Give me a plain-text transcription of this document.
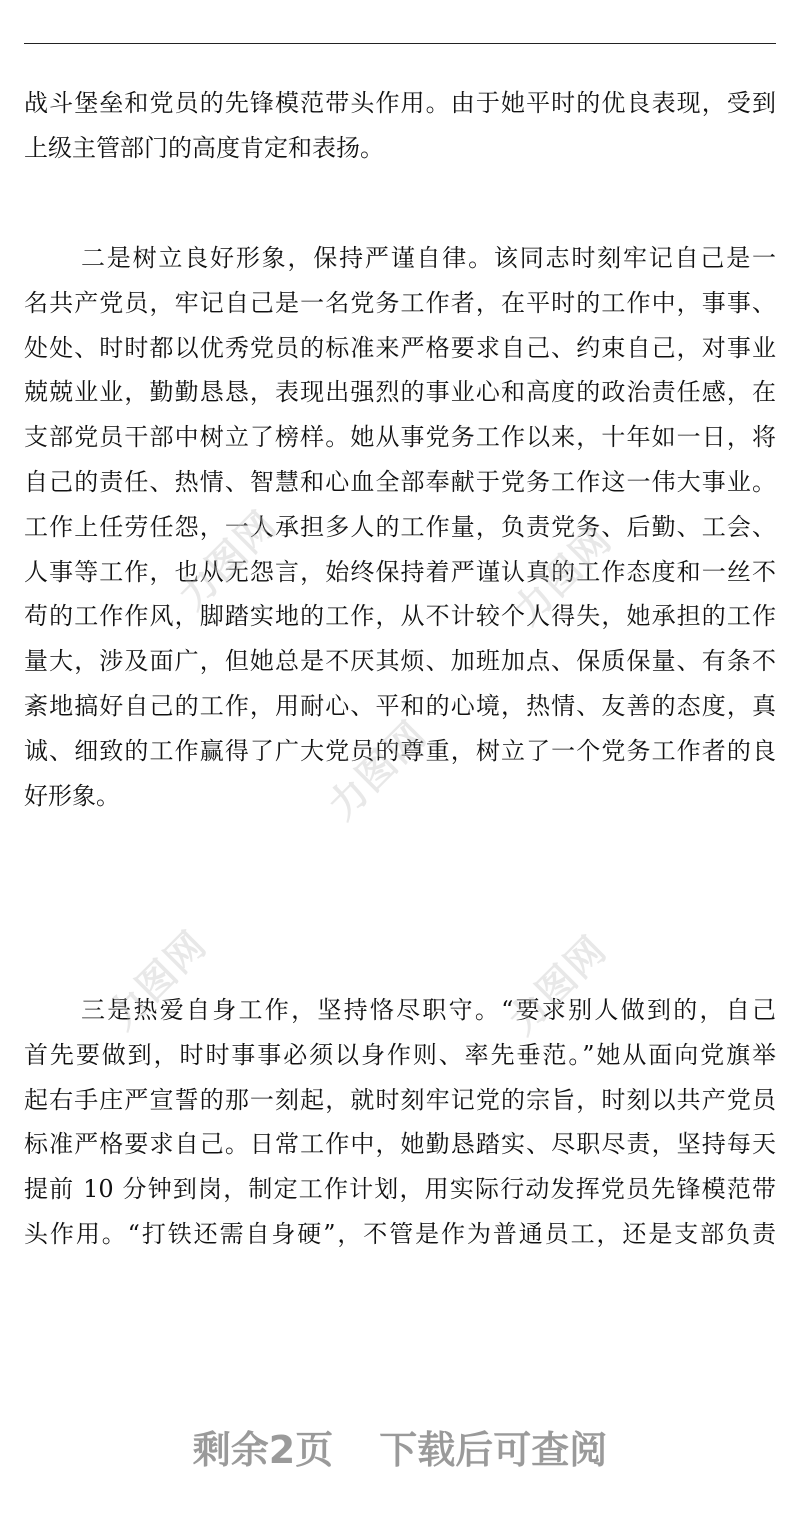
战斗堡垒和党员的先锋模范带头作用。由于她平时的优良表现，受到
上级主管部门的高度肯定和表扬。
二是树立良好形象，保持严谨自律。该同志时刻牢记自己是一
名共产党员，牢记自己是一名党务工作者，在平时的工作中，事事、
处处、时时都以优秀党员的标准来严格要求自己、约束自己，对事业
兢兢业业，勤勤恳恳，表现出强烈的事业心和高度的政治责任感，在
支部党员干部中树立了榜样。她从事党务工作以来，十年如一日，将
自己的责任、热情、智慧和心血全部奉献于党务工作这一伟大事业。
工作上任劳任怨，一人承担多人的工作量，负责党务、后勤、工会、
人事等工作，也从无怨言，始终保持着严谨认真的工作态度和一丝不
苟的工作作风，脚踏实地的工作，从不计较个人得失，她承担的工作
量大，涉及面广，但她总是不厌其烦、加班加点、保质保量、有条不
紊地搞好自己的工作，用耐心、平和的心境，热情、友善的态度，真
诚、细致的工作赢得了广大党员的尊重，树立了一个党务工作者的良
好形象。
三是热爱自身工作，坚持恪尽职守。“要求别人做到的，自己
首先要做到，时时事事必须以身作则、率先垂范。”她从面向党旗举
起右手庄严宣誓的那一刻起，就时刻牢记党的宗旨，时刻以共产党员
标准严格要求自己。日常工作中，她勤恳踏实、尽职尽责，坚持每天
提前 10 分钟到岗，制定工作计划，用实际行动发挥党员先锋模范带
头作用。“打铁还需自身硬”，不管是作为普通员工，还是支部负责
力图网	力图网
力图网
力图网	力图网
剩余2页 下载后可查阅
